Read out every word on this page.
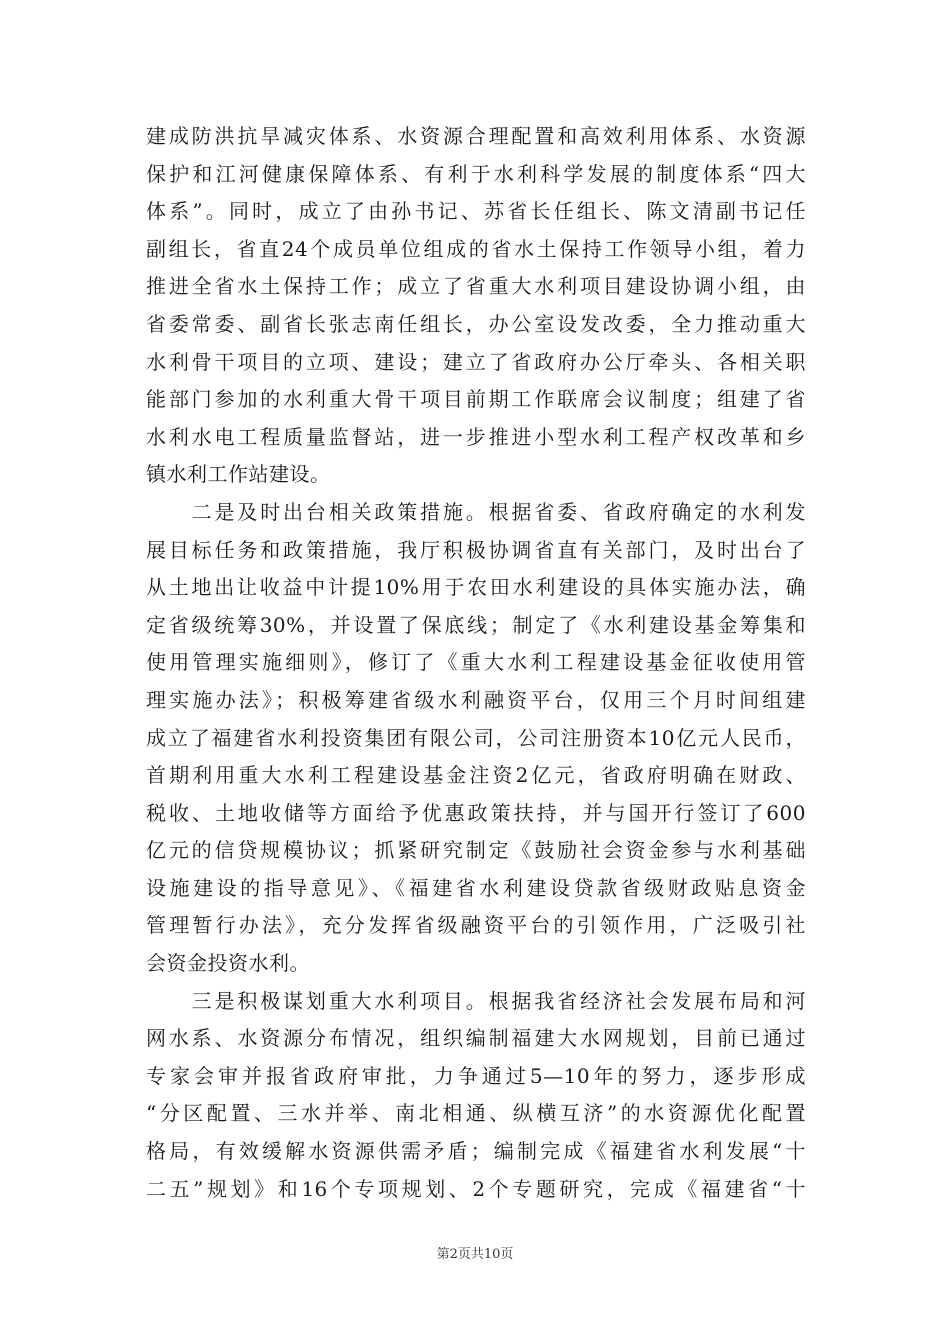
建成防洪抗旱减灾体系、水资源合理配置和高效利用体系、水资源
保护和江河健康保障体系、有利于水利科学发展的制度体系“四大
体系”。同时，成立了由孙书记、苏省长任组长、陈文清副书记任
副组长，省直24个成员单位组成的省水土保持工作领导小组，着力
推进全省水土保持工作；成立了省重大水利项目建设协调小组，由
省委常委、副省长张志南任组长，办公室设发改委，全力推动重大
水利骨干项目的立项、建设；建立了省政府办公厅牵头、各相关职
能部门参加的水利重大骨干项目前期工作联席会议制度；组建了省
水利水电工程质量监督站，进一步推进小型水利工程产权改革和乡
镇水利工作站建设。
　　二是及时出台相关政策措施。根据省委、省政府确定的水利发
展目标任务和政策措施，我厅积极协调省直有关部门，及时出台了
从土地出让收益中计提10%用于农田水利建设的具体实施办法，确
定省级统筹30%，并设置了保底线；制定了《水利建设基金筹集和
使用管理实施细则》，修订了《重大水利工程建设基金征收使用管
理实施办法》；积极筹建省级水利融资平台，仅用三个月时间组建
成立了福建省水利投资集团有限公司，公司注册资本10亿元人民币，
首期利用重大水利工程建设基金注资2亿元，省政府明确在财政、
税收、土地收储等方面给予优惠政策扶持，并与国开行签订了600
亿元的信贷规模协议；抓紧研究制定《鼓励社会资金参与水利基础
设施建设的指导意见》、《福建省水利建设贷款省级财政贴息资金
管理暂行办法》，充分发挥省级融资平台的引领作用，广泛吸引社
会资金投资水利。
　　三是积极谋划重大水利项目。根据我省经济社会发展布局和河
网水系、水资源分布情况，组织编制福建大水网规划，目前已通过
专家会审并报省政府审批，力争通过5—10年的努力，逐步形成
“分区配置、三水并举、南北相通、纵横互济”的水资源优化配置
格局，有效缓解水资源供需矛盾；编制完成《福建省水利发展“十
二五”规划》和16个专项规划、2个专题研究，完成《福建省“十
第2页共10页
